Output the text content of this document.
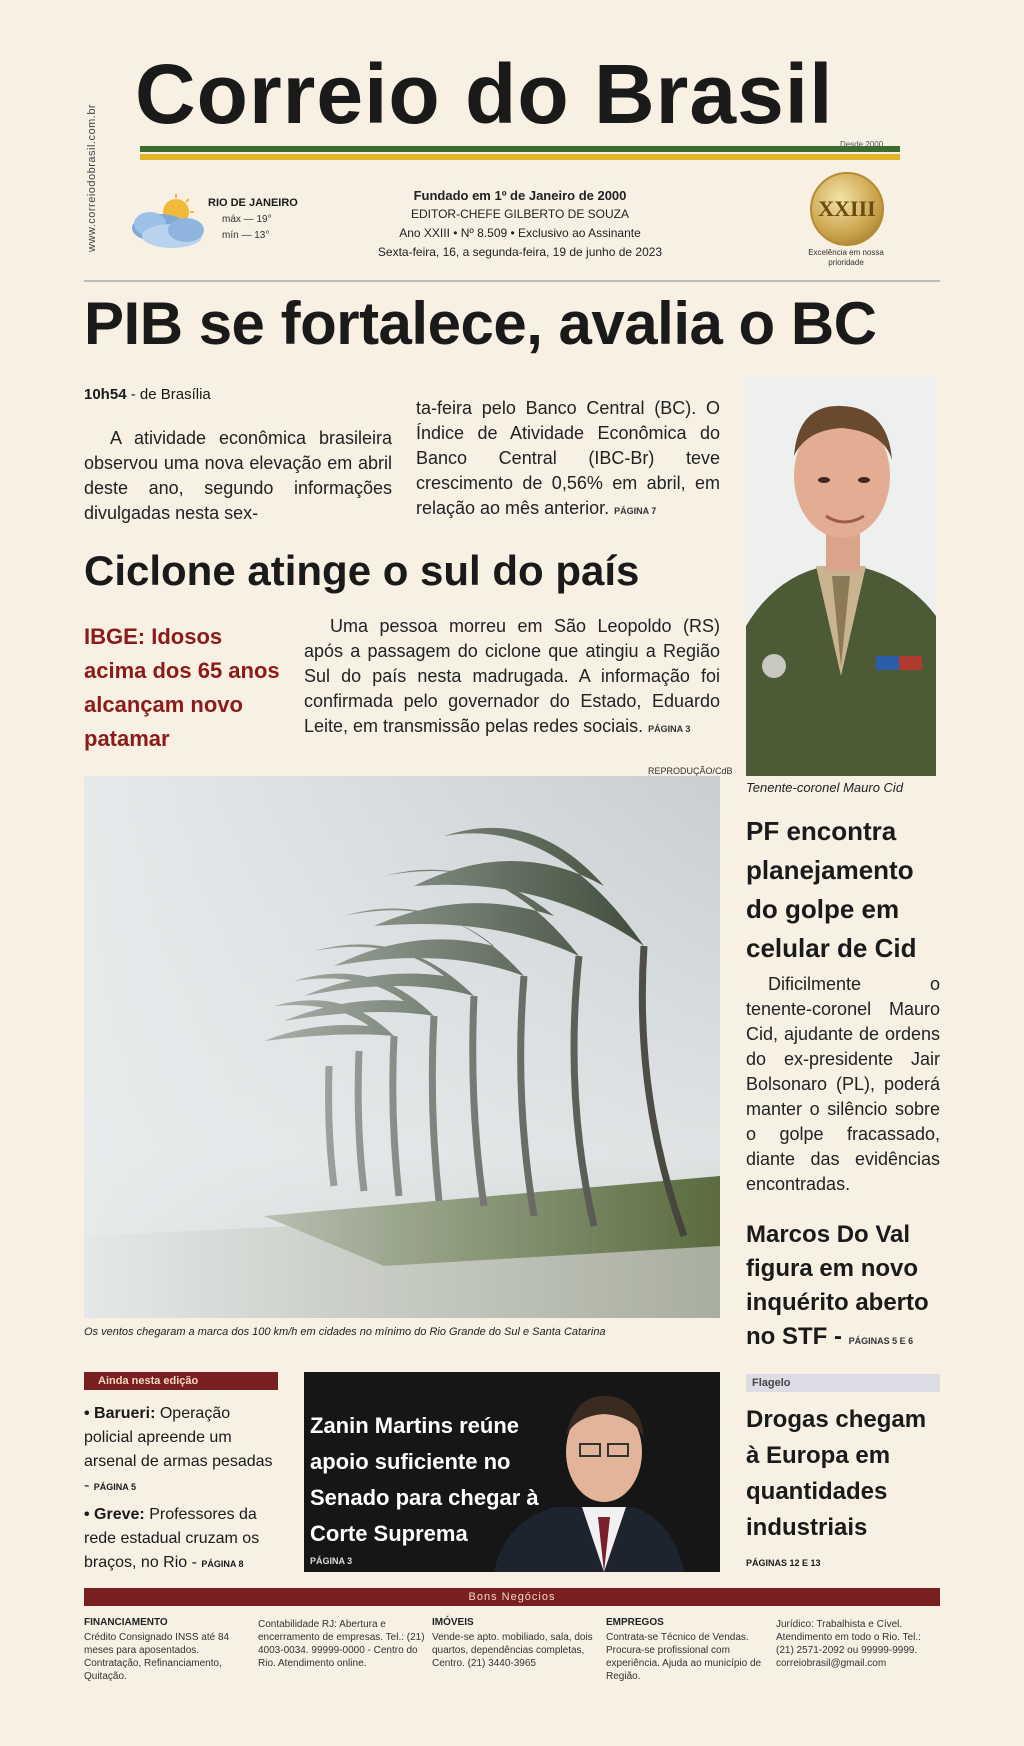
www.correiodobrasil.com.br
Correio do Brasil
Desde 2000
RIO DE JANEIRO
máx — 19°
mín — 13°
Fundado em 1º de Janeiro de 2000
EDITOR-CHEFE GILBERTO DE SOUZA
Ano XXIII • Nº 8.509 • Exclusivo ao Assinante
Sexta-feira, 16, a segunda-feira, 19 de junho de 2023
XXIII
Excelência em nossa prioridade
PIB se fortalece, avalia o BC
10h54 - de Brasília
A atividade econômica brasileira observou uma nova elevação em abril deste ano, segundo informações divulgadas nesta sex-
ta-feira pelo Banco Central (BC). O Índice de Atividade Econômica do Banco Central (IBC-Br) teve crescimento de 0,56% em abril, em relação ao mês anterior. PÁGINA 7
Ciclone atinge o sul do país
IBGE: Idosos acima dos 65 anos alcançam novo patamar
Uma pessoa morreu em São Leopoldo (RS) após a passagem do ciclone que atingiu a Região Sul do país nesta madrugada. A informação foi confirmada pelo governador do Estado, Eduardo Leite, em transmissão pelas redes sociais. PÁGINA 3
REPRODUÇÃO/CdB
Tenente-coronel Mauro Cid
PF encontra planejamento do golpe em celular de Cid
Dificilmente o tenente-coronel Mauro Cid, ajudante de ordens do ex-presidente Jair Bolsonaro (PL), poderá manter o silêncio sobre o golpe fracassado, diante das evidências encontradas.
Marcos Do Val figura em novo inquérito aberto no STF - PÁGINAS 5 E 6
Os ventos chegaram a marca dos 100 km/h em cidades no mínimo do Rio Grande do Sul e Santa Catarina
Ainda nesta edição

• Barueri: Operação policial apreende um arsenal de armas pesadas - PÁGINA 5

• Greve: Professores da rede estadual cruzam os braços, no Rio - PÁGINA 8

Zanin Martins reúne apoio suficiente no Senado para chegar à Corte Suprema
PÁGINA 3
Flagelo
Drogas chegam à Europa em quantidades industriais
PÁGINAS 12 E 13
Bons Negócios
FINANCIAMENTO
Crédito Consignado INSS até 84 meses para aposentados. Contratação, Refinanciamento, Quitação.
Contabilidade RJ: Abertura e encerramento de empresas. Tel.: (21) 4003-0034. 99999-0000 - Centro do Rio. Atendimento online.
IMÓVEIS
Vende-se apto. mobiliado, sala, dois quartos, dependências completas, Centro. (21) 3440-3965
EMPREGOS
Contrata-se Técnico de Vendas. Procura-se profissional com experiência. Ajuda ao município de Região.
Jurídico: Trabalhista e Cível. Atendimento em todo o Rio. Tel.: (21) 2571-2092 ou 99999-9999. correiobrasil@gmail.com
